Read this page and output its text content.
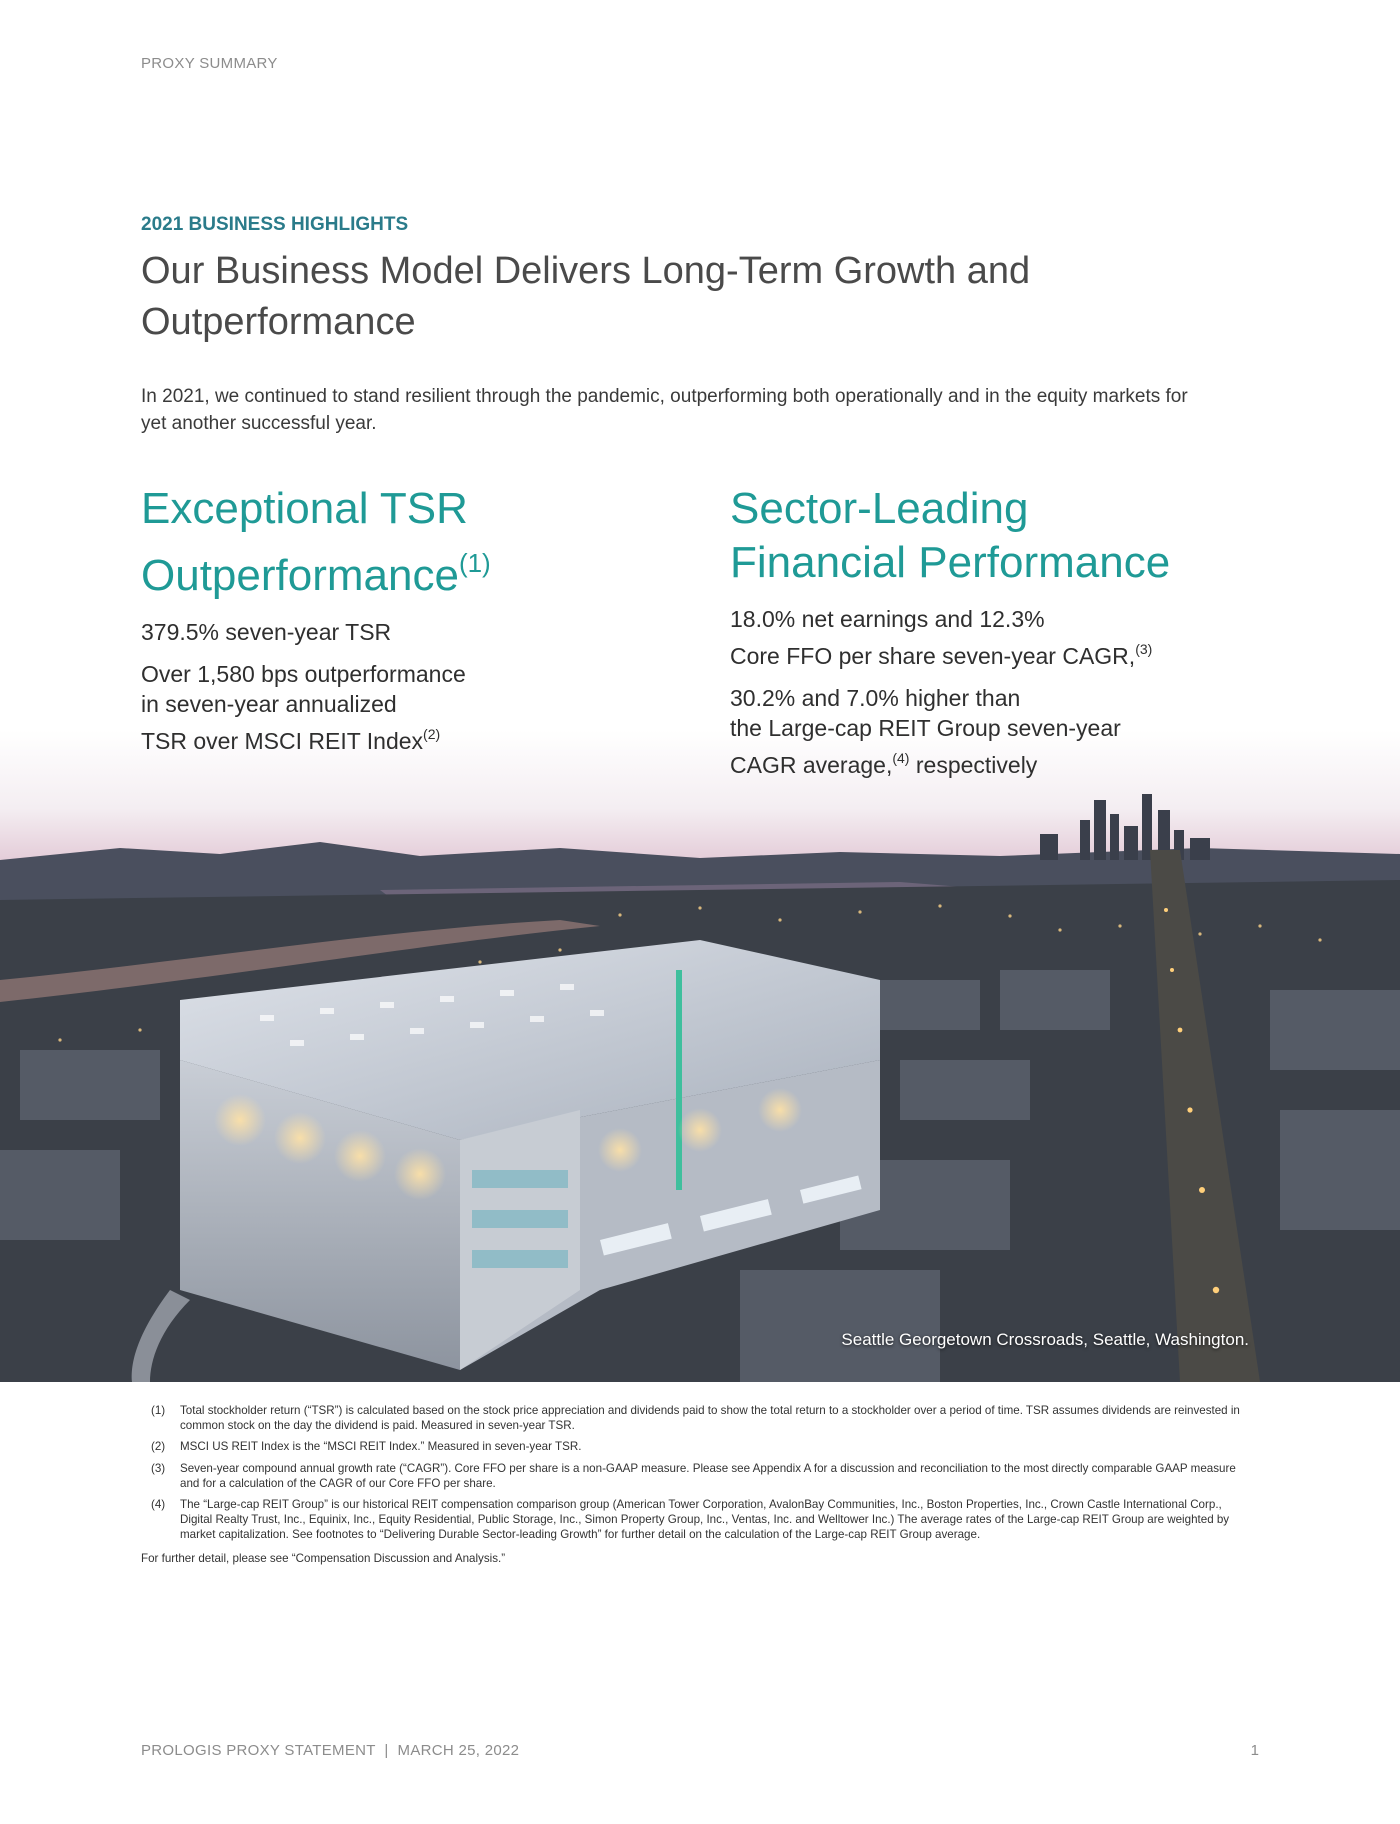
PROXY SUMMARY
2021 BUSINESS HIGHLIGHTS
Our Business Model Delivers Long-Term Growth and Outperformance

In 2021, we continued to stand resilient through the pandemic, outperforming both operationally and in the equity markets for yet another successful year.

Seattle Georgetown Crossroads, Seattle, Washington.
Exceptional TSR
Outperformance$^{(1)}$

379.5% seven-year TSR

Over 1,580 bps outperformance
in seven-year annualized
TSR over MSCI REIT Index$^{(2)}$

Sector-Leading
Financial Performance

18.0% net earnings and 12.3%
Core FFO per share seven-year CAGR,$^{(3)}$

30.2% and 7.0% higher than
the Large-cap REIT Group seven-year
CAGR average,$^{(4)}$ respectively

(1)	Total stockholder return (“TSR”) is calculated based on the stock price appreciation and dividends paid to show the total return to a stockholder over a period of time. TSR assumes dividends are reinvested in common stock on the day the dividend is paid. Measured in seven-year TSR.
(2)	MSCI US REIT Index is the “MSCI REIT Index.” Measured in seven-year TSR.
(3)	Seven-year compound annual growth rate (“CAGR”). Core FFO per share is a non-GAAP measure. Please see Appendix A for a discussion and reconciliation to the most directly comparable GAAP measure and for a calculation of the CAGR of our Core FFO per share.
(4)	The “Large-cap REIT Group” is our historical REIT compensation comparison group (American Tower Corporation, AvalonBay Communities, Inc., Boston Properties, Inc., Crown Castle International Corp., Digital Realty Trust, Inc., Equinix, Inc., Equity Residential, Public Storage, Inc., Simon Property Group, Inc., Ventas, Inc. and Welltower Inc.) The average rates of the Large-cap REIT Group are weighted by market capitalization. See footnotes to “Delivering Durable Sector-leading Growth” for further detail on the calculation of the Large-cap REIT Group average.

For further detail, please see “Compensation Discussion and Analysis.”

PROLOGIS PROXY STATEMENT  |  MARCH 25, 2022	1
